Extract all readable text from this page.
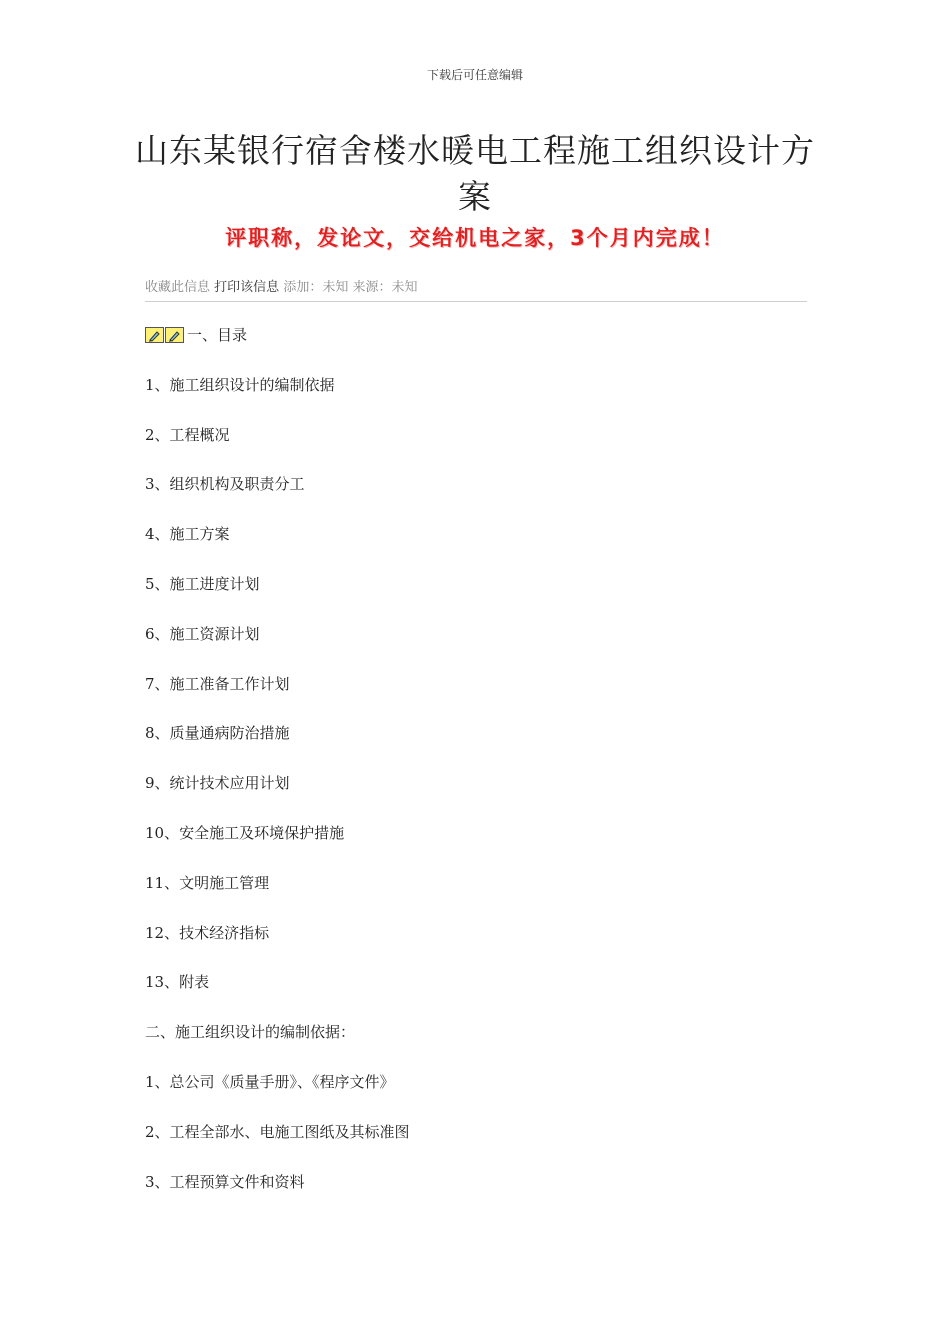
下载后可任意编辑
山东某银行宿舍楼水暖电工程施工组织设计方案
评职称，发论文，交给机电之家，3个月内完成！
收藏此信息 打印该信息 添加：未知 来源：未知
一、目录
1、施工组织设计的编制依据
2、工程概况
3、组织机构及职责分工
4、施工方案
5、施工进度计划
6、施工资源计划
7、施工准备工作计划
8、质量通病防治措施
9、统计技术应用计划
10、安全施工及环境保护措施
11、文明施工管理
12、技术经济指标
13、附表
二、施工组织设计的编制依据：
1、总公司《质量手册》、《程序文件》
2、工程全部水、电施工图纸及其标准图
3、工程预算文件和资料
